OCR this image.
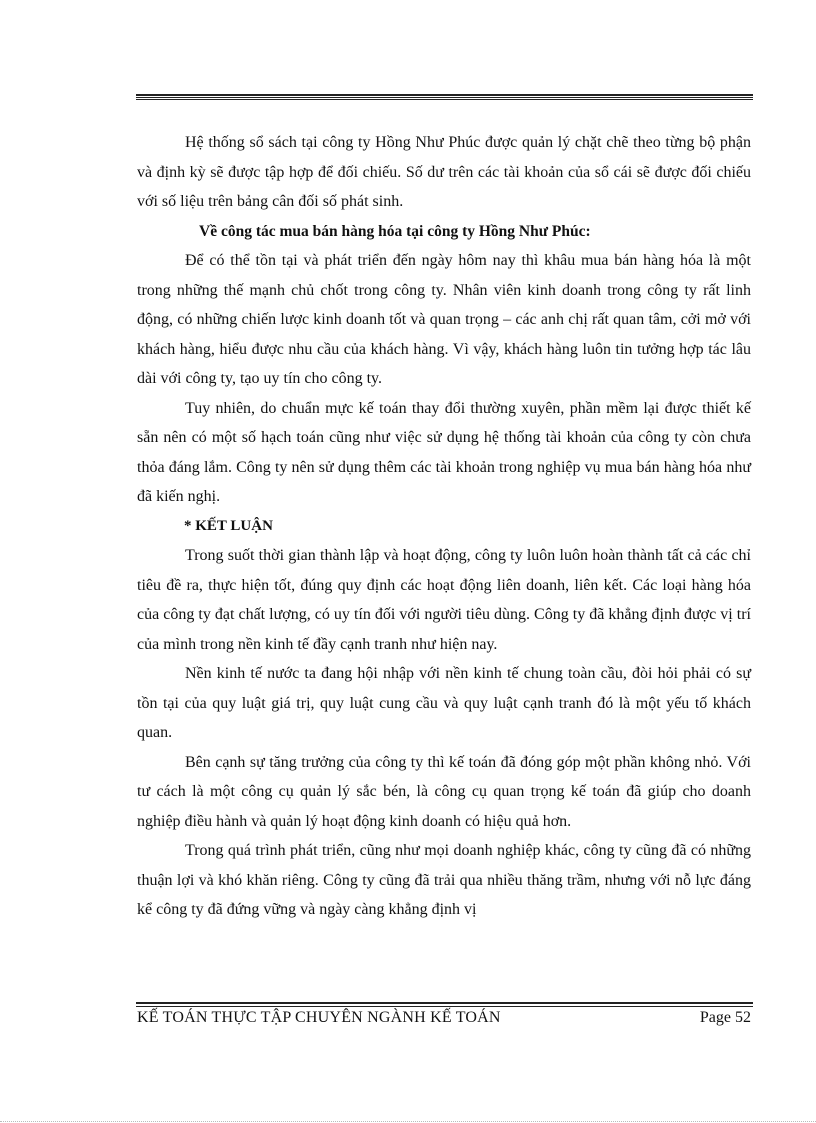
Hệ thống sổ sách tại công ty Hồng Như Phúc được quản lý chặt chẽ theo từng bộ phận và định kỳ sẽ được tập hợp để đối chiếu. Số dư trên các tài khoản của sổ cái sẽ được đối chiếu với số liệu trên bảng cân đối số phát sinh.

Về công tác mua bán hàng hóa tại công ty Hồng Như Phúc:

Để có thể tồn tại và phát triển đến ngày hôm nay thì khâu mua bán hàng hóa là một trong những thế mạnh chủ chốt trong công ty. Nhân viên kinh doanh trong công ty rất linh động, có những chiến lược kinh doanh tốt và quan trọng – các anh chị rất quan tâm, cởi mở với khách hàng, hiểu được nhu cầu của khách hàng. Vì vậy, khách hàng luôn tin tưởng hợp tác lâu dài với công ty, tạo uy tín cho công ty.

Tuy nhiên, do chuẩn mực kế toán thay đổi thường xuyên, phần mềm lại được thiết kế sẵn nên có một số hạch toán cũng như việc sử dụng hệ thống tài khoản của công ty còn chưa thỏa đáng lắm. Công ty nên sử dụng thêm các tài khoản trong nghiệp vụ mua bán hàng hóa như đã kiến nghị.

* KẾT LUẬN

Trong suốt thời gian thành lập và hoạt động, công ty luôn luôn hoàn thành tất cả các chỉ tiêu đề ra, thực hiện tốt, đúng quy định các hoạt động liên doanh, liên kết. Các loại hàng hóa của công ty đạt chất lượng, có uy tín đối với người tiêu dùng. Công ty đã khẳng định được vị trí của mình trong nền kinh tế đầy cạnh tranh như hiện nay.

Nền kinh tế nước ta đang hội nhập với nền kinh tế chung toàn cầu, đòi hỏi phải có sự tồn tại của quy luật giá trị, quy luật cung cầu và quy luật cạnh tranh đó là một yếu tố khách quan.

Bên cạnh sự tăng trưởng của công ty thì kế toán đã đóng góp một phần không nhỏ. Với tư cách là một công cụ quản lý sắc bén, là công cụ quan trọng kế toán đã giúp cho doanh nghiệp điều hành và quản lý hoạt động kinh doanh có hiệu quả hơn.

Trong quá trình phát triển, cũng như mọi doanh nghiệp khác, công ty cũng đã có những thuận lợi và khó khăn riêng. Công ty cũng đã trải qua nhiều thăng trầm, nhưng với nỗ lực đáng kể công ty đã đứng vững và ngày càng khẳng định vị

KẾ TOÁN THỰC TẬP CHUYÊN NGÀNH KẾ TOÁN	Page 52
